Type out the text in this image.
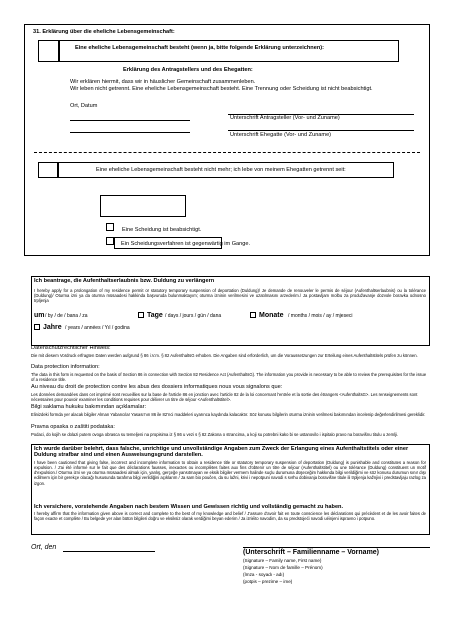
31. Erklärung über die eheliche Lebensgemeinschaft:
Eine eheliche Lebensgemeinschaft besteht (wenn ja, bitte folgende Erklärung unterzeichnen):
Erklärung des Antragstellers und des Ehegatten:
Wir erklären hiermit, dass wir in häuslicher Gemeinschaft zusammenleben.
Wir leben nicht getrennt. Eine eheliche Lebensgemeinschaft besteht. Eine Trennung oder Scheidung ist nicht beabsichtigt.
Ort, Datum
Unterschrift Antragsteller (Vor- und Zuname)
Unterschrift Ehegatte (Vor- und Zuname)
Eine eheliche Lebensgemeinschaft besteht nicht mehr; ich lebe von meinem Ehegatten getrennt seit:
Eine Scheidung ist beabsichtigt.
Ein Scheidungsverfahren ist gegenwärtig im Gange.
Ich beantrage, die Aufenthaltserlaubnis bzw. Duldung zu verlängern
I hereby apply for a prolongation of my residence permit or statutory temporary suspension of deportation (Duldung)/ Je demande de renouveler le permis de séjour (Aufenthaltserlaubnis) ou la tolérance (Duldung)/ Oturma izni ya da oturma müsaadesi hakkinda başvuruda bulunmaktayım; oturma izninin verilmesini ve uzatılmasını arzederim./ Ja postavljam molbu za produžavanje dozvole boravka odnosno trpljenja
um / by / de / bana / za	Tage / days / jours / gün / dana	Monate / months / mois / ay / mjeseci
Jahre / years / années / Yıl / godina
Datenschutzrechtlicher Hinweis:
Die mit diesem Vordruck erfragten Daten werden aufgrund § 86 i.V.m. § 82 AufenthaltsG erhoben. Die Angaben sind erforderlich, um die Voraussetzungen zur Erteilung eines Aufenthaltstitels prüfen zu können.
Data protection information:
The data in this form is requested on the basis of Section 86 in connection with Section 82 Residence Act (AufenthaltsG). The information you provide is necessary to be able to review the prerequisites for the issue of a residence title.
Au niveau du droit de protection contre les abus des dossiers informatiques nous vous signalons que:
Les données demandées dans cet imprimé sont recueillies sur la base de l'article 86 en jonction avec l'article 82 de la loi concernant l'entrée et la sortie des étrangers <AufenthaltsG>. Les renseignements sont nécessaires pour pouvoir examiner les conditions requises pour délivrer un titre de séjour <Aufenthaltstitel>.
Bilgi saklama hukuku bakımından açıklamalar:
Elinizdeki formda yer alacak bilgiler Alman Yabancılar Yasası'nın 86 ile 82'nci maddeleri uyarınca kaydında kalacaktır. Söz konusu bilgilerin oturma izninin verilmesi bakımından incelenip değerlendirilmesi gereklidir.
Pravna opaska o zaštiti podataka:
Podaci, do kojih se dolazi putem ovoga obrasca su temeljeni na propisima iz § 86 u vezi s § 82 Zakona o strancima, a koji su potrebni kako bi se ustanovilo i ispitalo pravo na boravišnu titulu u zemlji.
Ich wurde darüber belehrt, dass falsche, unrichtige und unvollständige Angaben zum Zweck der Erlangung eines Aufenthaltstitels oder einer Duldung strafbar sind und einen Ausweisungsgrund darstellen.
I have been cautioned that giving false, incorrect and incomplete information to obtain a residence title or statutory temporary suspension of deportation (Duldung) is punishable and constitutes a reason for expulsion. / J'ai été informé sur le fait que des déclarations fausses, inexactes ou incomplètes faites aux fins d'obtenir un titre de séjour (Aufenthaltstitel) ou une tolérance (Duldung) constituent un motif d'expulsion./ Oturma izni ve ya oturma müsaadesi almak için, yanlış, gerçeğe yansıtmayan ve eksik bilgiler vermem halinde suçlu durumuna düşeceğim hakkında bilgi verildiğimi ve söz konusu durumun sınır dışı edilmem için bir gerekçe olacağı hususunda tarafıma bilgi verildiğini açıklarım / Ja sam bio poučen, da su lažni, krivi i nepotpuni navodi s svrhu dobivanja boravišne titule ili trpljenja kažnjivi i predstavljaju razlog za izgon.
Ich versichere, vorstehende Angaben nach bestem Wissen und Gewissen richtig und vollständig gemacht zu haben.
I hereby affirm that the information given above is correct and complete to the best of my knowledge and belief / J'assure d'avoir fait en toute conscience les déclarations qui précèdent et de les avoir faites de façon exacte et complète / Bu belgede yer alan bütün bilgileri doğru ve eksiksiz olarak verdiğimi beyan ederim / Ja izriéito navodim, da su predstojeći navodi uéinjeni ispravno i potpuno.
Ort, den
(Unterschrift – Familienname – Vorname)
(Signature – Family name, First name)
(Signature – Nom de famille – Prénom)
(İmza - soyadı - adı)
(potpis – prezime – ime)
